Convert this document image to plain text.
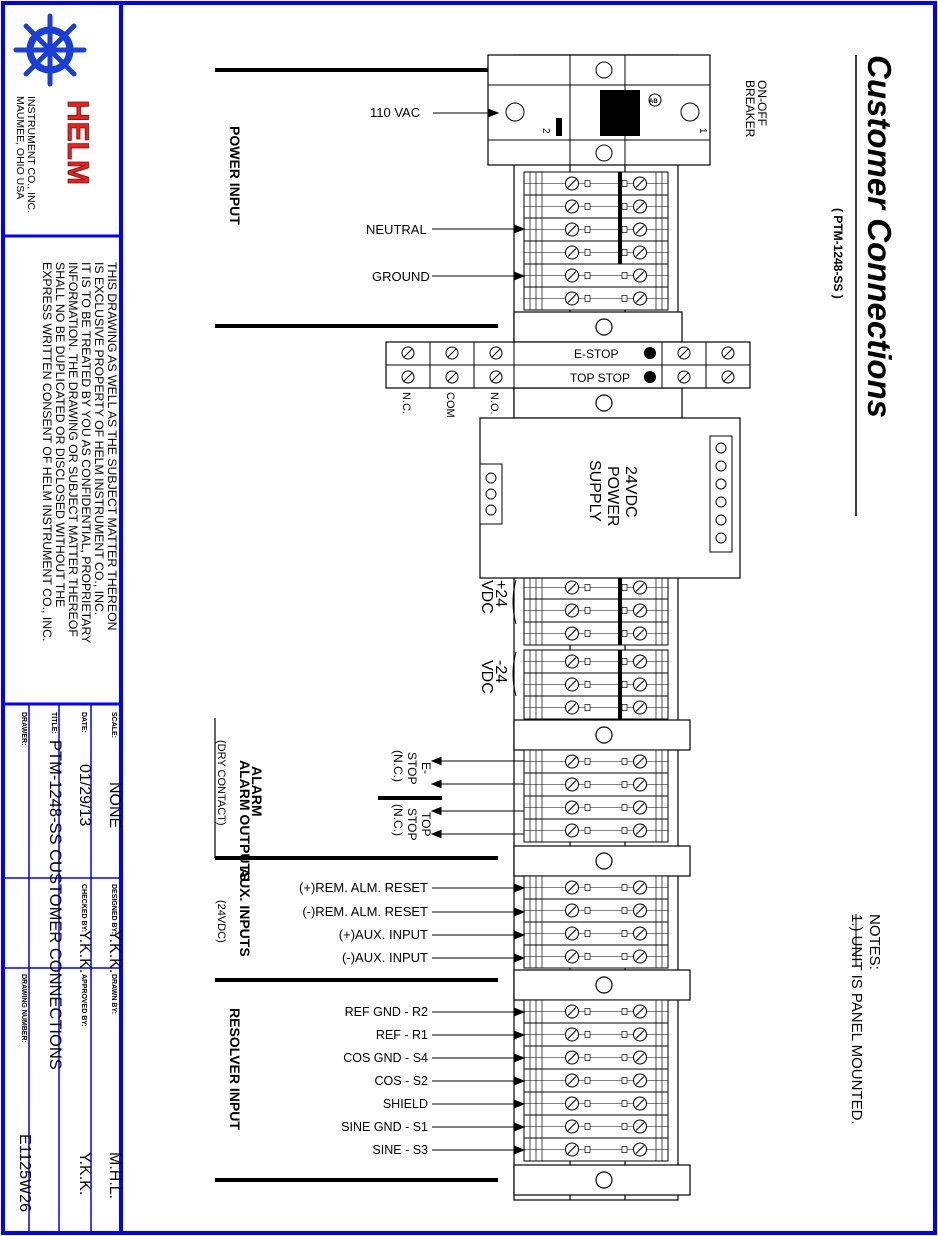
HELM
INSTRUMENT CO., INC.
MAUMEE, OHIO USA
THIS DRAWING AS WELL AS THE SUBJECT MATTER THEREON
IS EXCLUSIVE PROPERTY OF HELM INSTRUMENT CO., INC.
IT IS TO BE TREATED BY YOU AS CONFIDENTIAL, PROPRIETARY
INFORMATION. THE DRAWING OR SUBJECT MATTER THEREOF
SHALL NO BE DUPLICATED OR DISCLOSED WITHOUT THE
EXPRESS WRITTEN CONSENT OF HELM INSTRUMENT CO., INC.
SCALE:
NONE
DESIGNED BY:
Y.K.K.
DRAWN BY:
M.H.L.
DATE:
01/29/13
CHECKED BY:
Y.K.K.
APPROVED BY:
Y.K.K.
TITLE:
PTM-1248-SS CUSTOMER CONNECTIONS
DRAWER:
DRAWING NUMBER:
E1125W26
Customer Connections
( PTM-1248-SS )
NOTES:
1.) UNIT IS PANEL MOUNTED.
POWER INPUT
ALARM
ALARM OUTPUTS
(DRY CONTACT)
AUX. INPUTS
(24VDC)
RESOLVER INPUT
AB
2	1
ON-OFF
BREAKER
E-STOP
TOP STOP
N.C.	COM	N.O.
24VDC
POWER
SUPPLY
+24
VDC
-24
VDC
110 VAC
NEUTRAL
GROUND
E-
STOP
(N.C.)
TOP
STOP
(N.C.)
(+)REM. ALM. RESET
(-)REM. ALM. RESET
(+)AUX. INPUT
(-)AUX. INPUT
REF GND - R2
REF - R1
COS GND - S4
COS - S2
SHIELD
SINE GND - S1
SINE - S3
